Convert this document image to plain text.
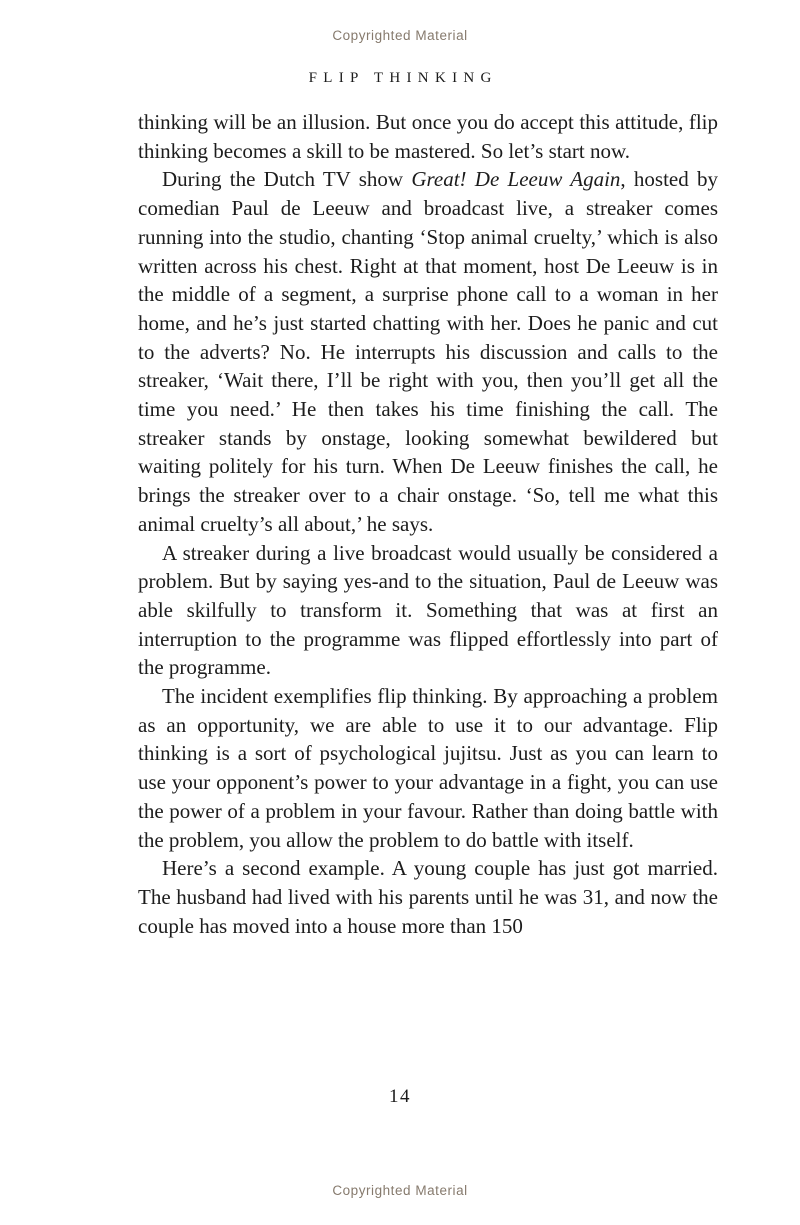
Copyrighted Material
FLIP THINKING

thinking will be an illusion. But once you do accept this attitude, flip thinking becomes a skill to be mastered. So let’s start now.

During the Dutch TV show Great! De Leeuw Again, hosted by comedian Paul de Leeuw and broadcast live, a streaker comes running into the studio, chanting ‘Stop animal cruelty,’ which is also written across his chest. Right at that moment, host De Leeuw is in the middle of a segment, a surprise phone call to a woman in her home, and he’s just started chatting with her. Does he panic and cut to the adverts? No. He interrupts his discussion and calls to the streaker, ‘Wait there, I’ll be right with you, then you’ll get all the time you need.’ He then takes his time finishing the call. The streaker stands by onstage, looking somewhat bewildered but waiting politely for his turn. When De Leeuw finishes the call, he brings the streaker over to a chair onstage. ‘So, tell me what this animal cruelty’s all about,’ he says.

A streaker during a live broadcast would usually be considered a problem. But by saying yes-and to the situation, Paul de Leeuw was able skilfully to transform it. Something that was at first an interruption to the programme was flipped effortlessly into part of the programme.

The incident exemplifies flip thinking. By approaching a problem as an opportunity, we are able to use it to our advantage. Flip thinking is a sort of psychological jujitsu. Just as you can learn to use your opponent’s power to your advantage in a fight, you can use the power of a problem in your favour. Rather than doing battle with the problem, you allow the problem to do battle with itself.

Here’s a second example. A young couple has just got married. The husband had lived with his parents until he was 31, and now the couple has moved into a house more than 150

14
Copyrighted Material
